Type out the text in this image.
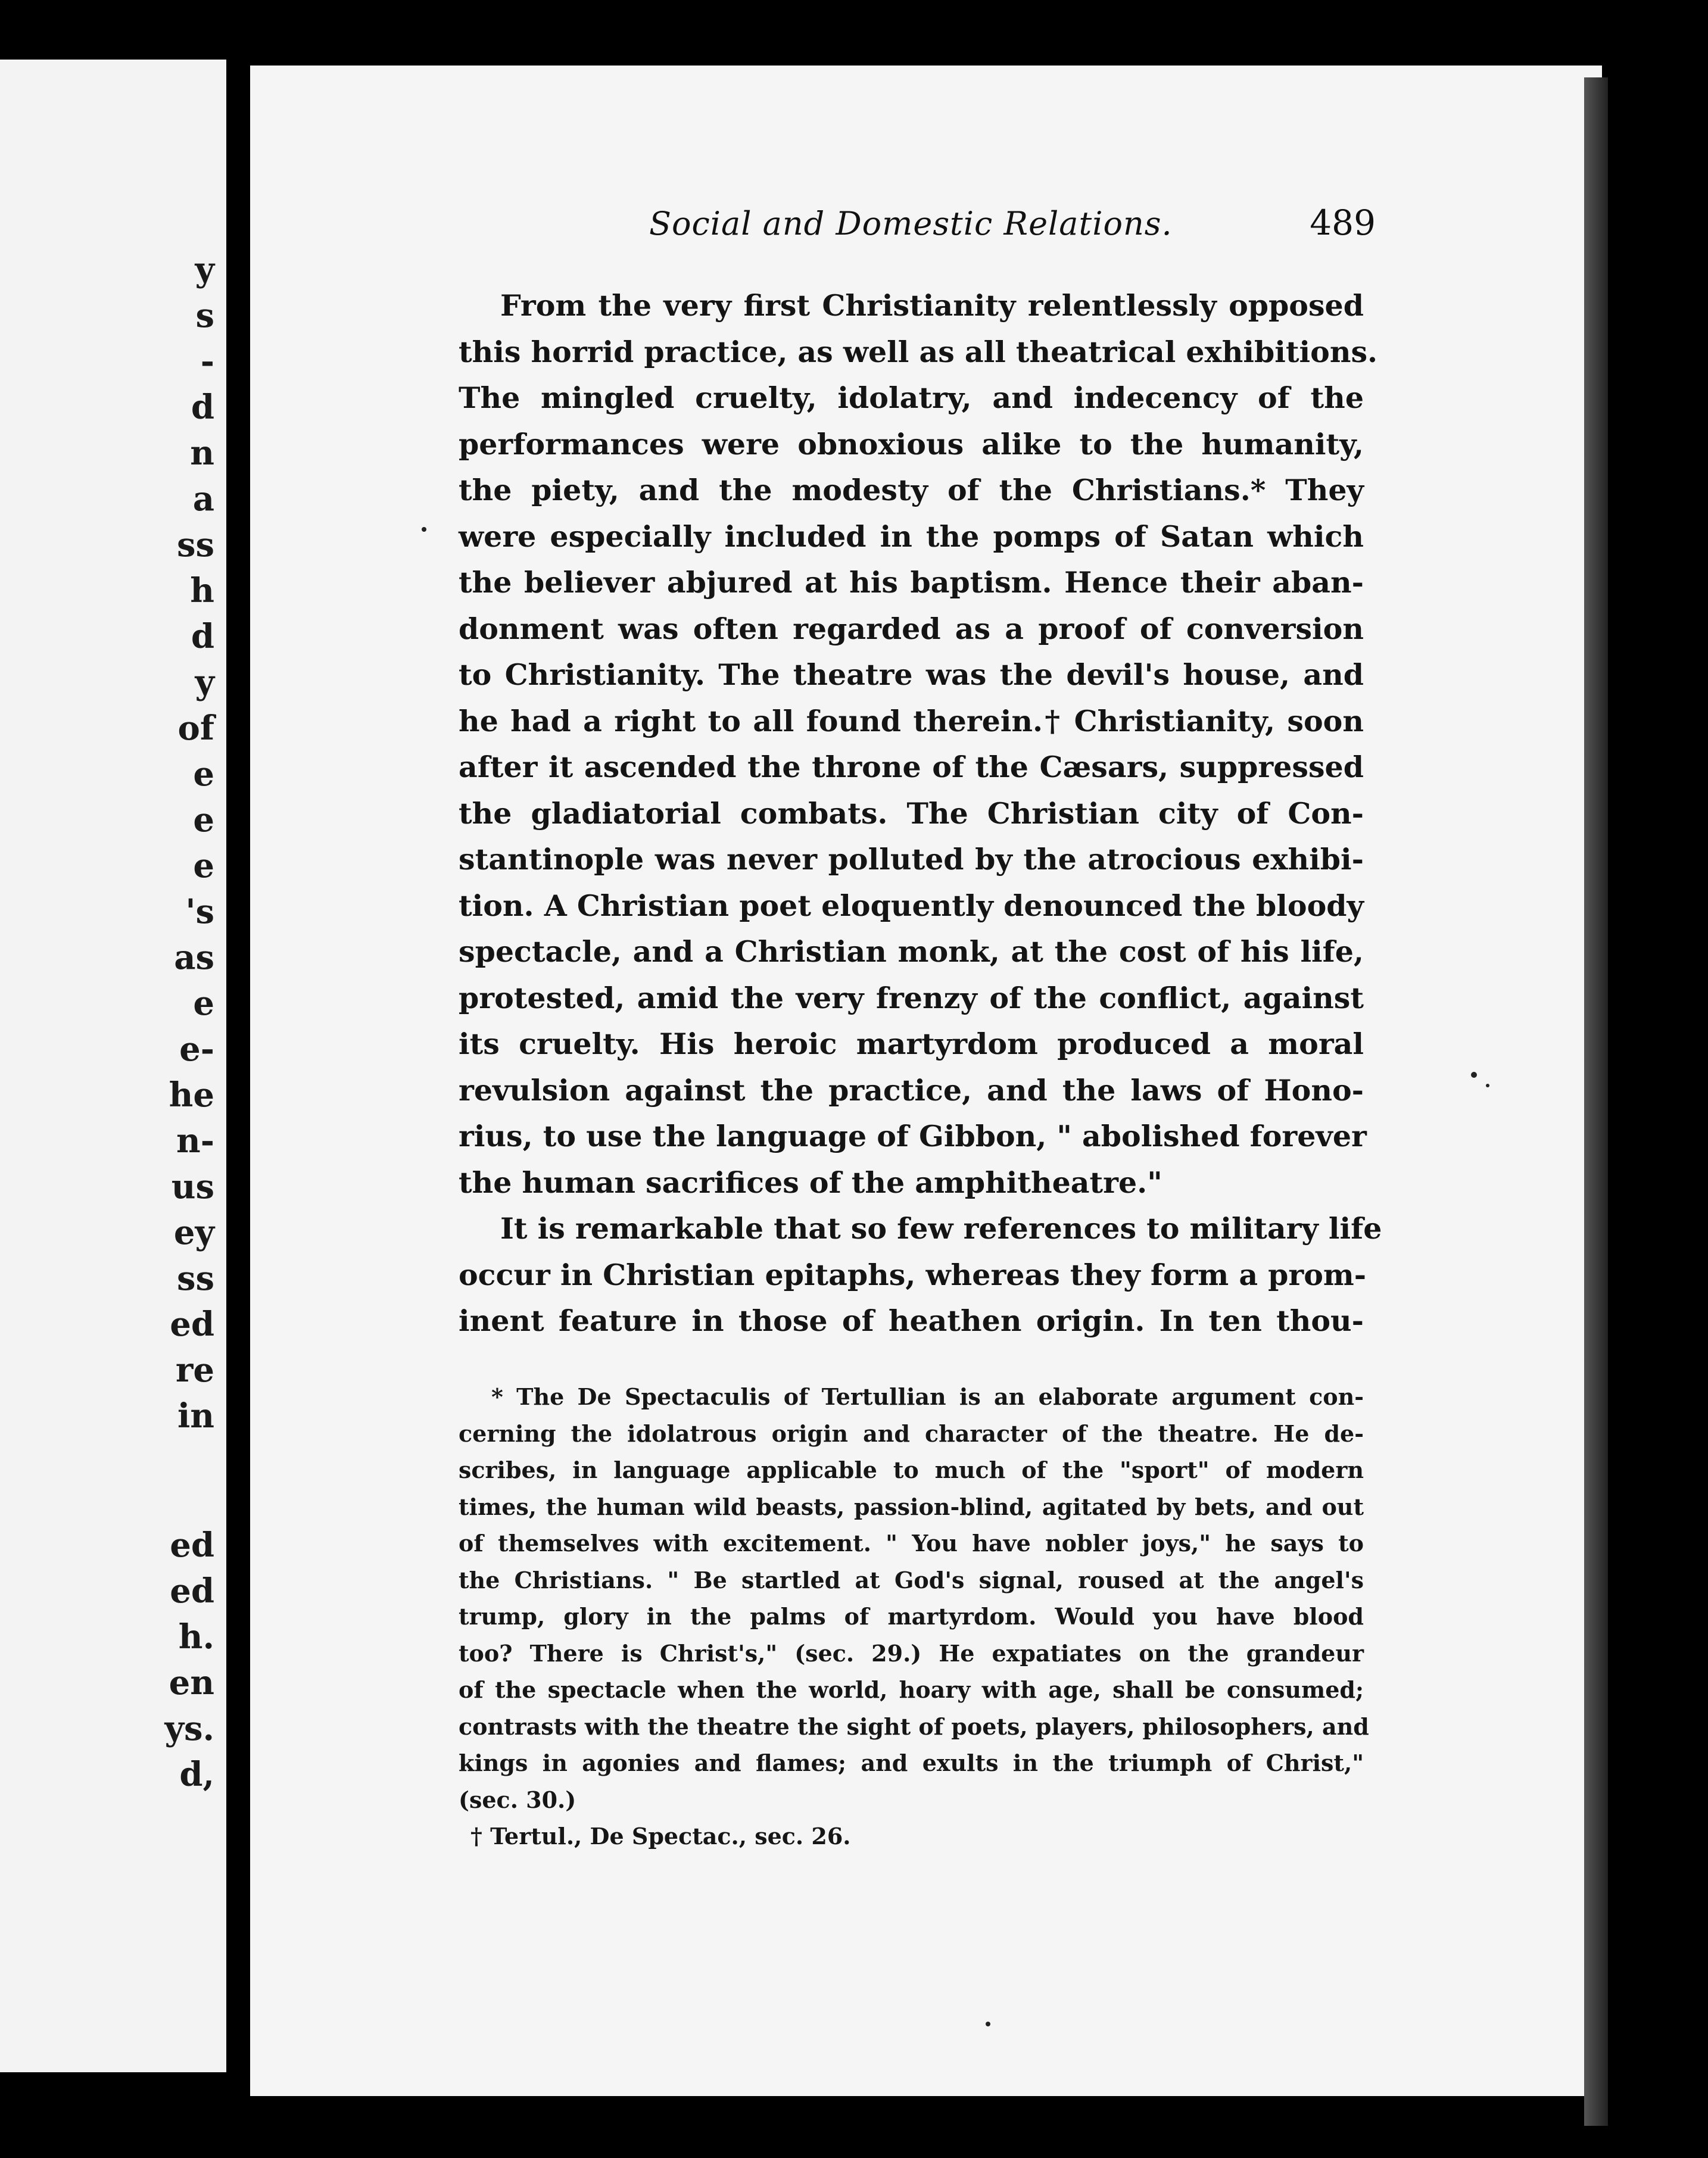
y
s
-
d
n
a
ss
h
d
y
of
e
e
e
's
as
e
e-
he
n-
us
ey
ss
ed
re
in
ed
ed
h.
en
ys.
d,
Social and Domestic Relations.	489
From the very first Christianity relentlessly opposed
this horrid practice, as well as all theatrical exhibitions.
The mingled cruelty, idolatry, and indecency of the
performances were obnoxious alike to the humanity,
the piety, and the modesty of the Christians.* They
were especially included in the pomps of Satan which
the believer abjured at his baptism. Hence their aban-
donment was often regarded as a proof of conversion
to Christianity. The theatre was the devil's house, and
he had a right to all found therein.† Christianity, soon
after it ascended the throne of the Cæsars, suppressed
the gladiatorial combats. The Christian city of Con-
stantinople was never polluted by the atrocious exhibi-
tion. A Christian poet eloquently denounced the bloody
spectacle, and a Christian monk, at the cost of his life,
protested, amid the very frenzy of the conflict, against
its cruelty. His heroic martyrdom produced a moral
revulsion against the practice, and the laws of Hono-
rius, to use the language of Gibbon, " abolished forever
the human sacrifices of the amphitheatre."
It is remarkable that so few references to military life
occur in Christian epitaphs, whereas they form a prom-
inent feature in those of heathen origin. In ten thou-
* The De Spectaculis of Tertullian is an elaborate argument con-
cerning the idolatrous origin and character of the theatre. He de-
scribes, in language applicable to much of the "sport" of modern
times, the human wild beasts, passion-blind, agitated by bets, and out
of themselves with excitement. " You have nobler joys," he says to
the Christians. " Be startled at God's signal, roused at the angel's
trump, glory in the palms of martyrdom. Would you have blood
too? There is Christ's," (sec. 29.) He expatiates on the grandeur
of the spectacle when the world, hoary with age, shall be consumed;
contrasts with the theatre the sight of poets, players, philosophers, and
kings in agonies and flames; and exults in the triumph of Christ,"
(sec. 30.)
† Tertul., De Spectac., sec. 26.
